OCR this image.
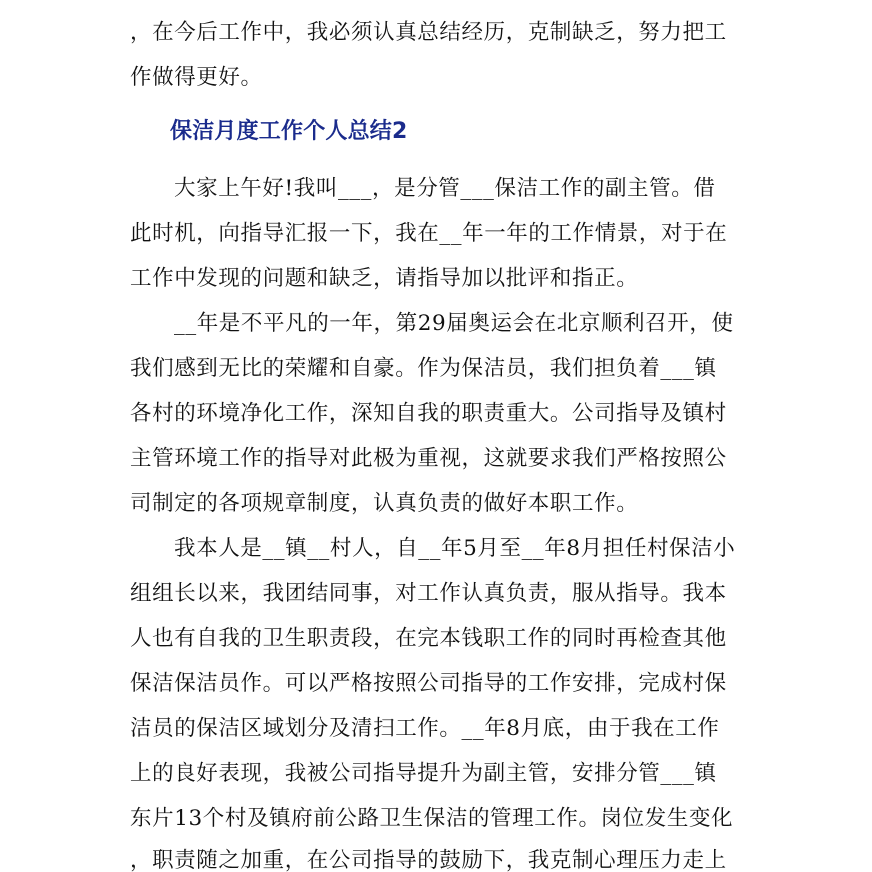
，在今后工作中，我必须认真总结经历，克制缺乏，努力把工
作做得更好。
保洁月度工作个人总结2
大家上午好!我叫___，是分管___保洁工作的副主管。借
此时机，向指导汇报一下，我在__年一年的工作情景，对于在
工作中发现的问题和缺乏，请指导加以批评和指正。
__年是不平凡的一年，第29届奥运会在北京顺利召开，使
我们感到无比的荣耀和自豪。作为保洁员，我们担负着___镇
各村的环境净化工作，深知自我的职责重大。公司指导及镇村
主管环境工作的指导对此极为重视，这就要求我们严格按照公
司制定的各项规章制度，认真负责的做好本职工作。
我本人是__镇__村人，自__年5月至__年8月担任村保洁小
组组长以来，我团结同事，对工作认真负责，服从指导。我本
人也有自我的卫生职责段，在完本钱职工作的同时再检查其他
保洁保洁员作。可以严格按照公司指导的工作安排，完成村保
洁员的保洁区域划分及清扫工作。__年8月底，由于我在工作
上的良好表现，我被公司指导提升为副主管，安排分管___镇
东片13个村及镇府前公路卫生保洁的管理工作。岗位发生变化
，职责随之加重，在公司指导的鼓励下，我克制心理压力走上
